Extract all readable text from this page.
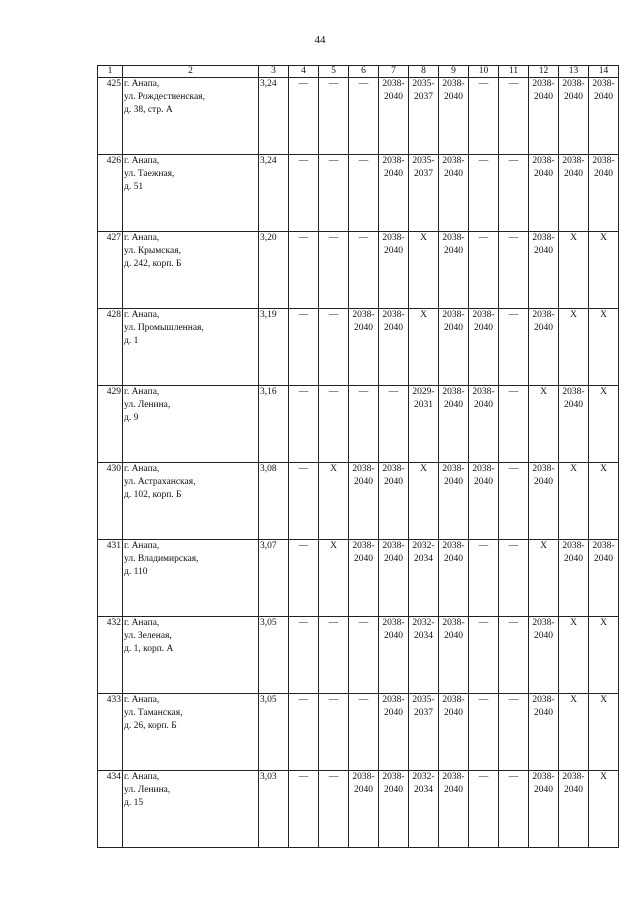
44
1	2	3	4	5	6	7	8	9	10	11	12	13	14
425	г. Анапа,
ул. Рождественская,
д. 38, стр. А	3,24	—	—	—	2038-
2040	2035-
2037	2038-
2040	—	—	2038-
2040	2038-
2040	2038-
2040

426	г. Анапа,
ул. Таежная,
д. 51	3,24	—	—	—	2038-
2040	2035-
2037	2038-
2040	—	—	2038-
2040	2038-
2040	2038-
2040

427	г. Анапа,
ул. Крымская,
д. 242, корп. Б	3,20	—	—	—	2038-
2040	X	2038-
2040	—	—	2038-
2040	X	X

428	г. Анапа,
ул. Промышленная,
д. 1	3,19	—	—	2038-
2040	2038-
2040	X	2038-
2040	2038-
2040	—	2038-
2040	X	X

429	г. Анапа,
ул. Ленина,
д. 9	3,16	—	—	—	—	2029-
2031	2038-
2040	2038-
2040	—	X	2038-
2040	X

430	г. Анапа,
ул. Астраханская,
д. 102, корп. Б	3,08	—	X	2038-
2040	2038-
2040	X	2038-
2040	2038-
2040	—	2038-
2040	X	X

431	г. Анапа,
ул. Владимирская,
д. 110	3,07	—	X	2038-
2040	2038-
2040	2032-
2034	2038-
2040	—	—	X	2038-
2040	2038-
2040

432	г. Анапа,
ул. Зеленая,
д. 1, корп. А	3,05	—	—	—	2038-
2040	2032-
2034	2038-
2040	—	—	2038-
2040	X	X

433	г. Анапа,
ул. Таманская,
д. 26, корп. Б	3,05	—	—	—	2038-
2040	2035-
2037	2038-
2040	—	—	2038-
2040	X	X

434	г. Анапа,
ул. Ленина,
д. 15	3,03	—	—	2038-
2040	2038-
2040	2032-
2034	2038-
2040	—	—	2038-
2040	2038-
2040	X
